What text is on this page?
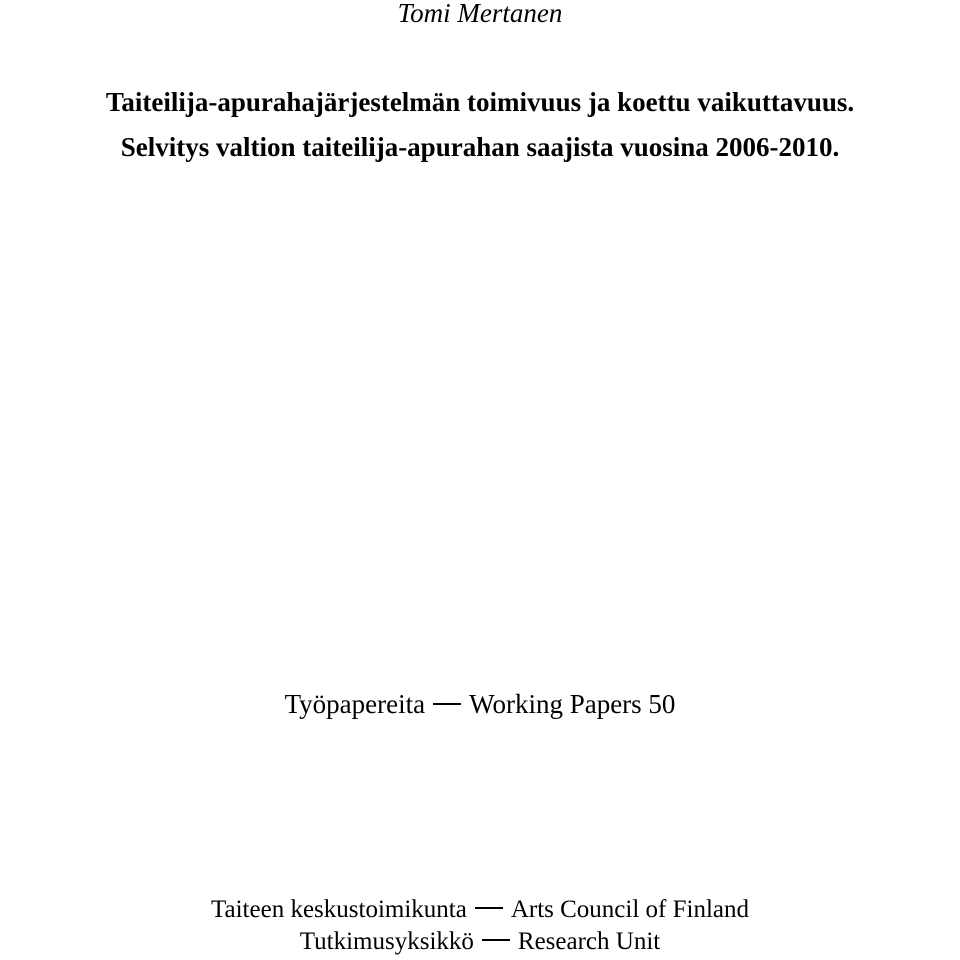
Tomi Mertanen
Taiteilija-apurahajärjestelmän toimivuus ja koettu vaikuttavuus.
Selvitys valtion taiteilija-apurahan saajista vuosina 2006-2010.
Työpapereita Working Papers 50
Taiteen keskustoimikunta Arts Council of Finland
Tutkimusyksikkö Research Unit
